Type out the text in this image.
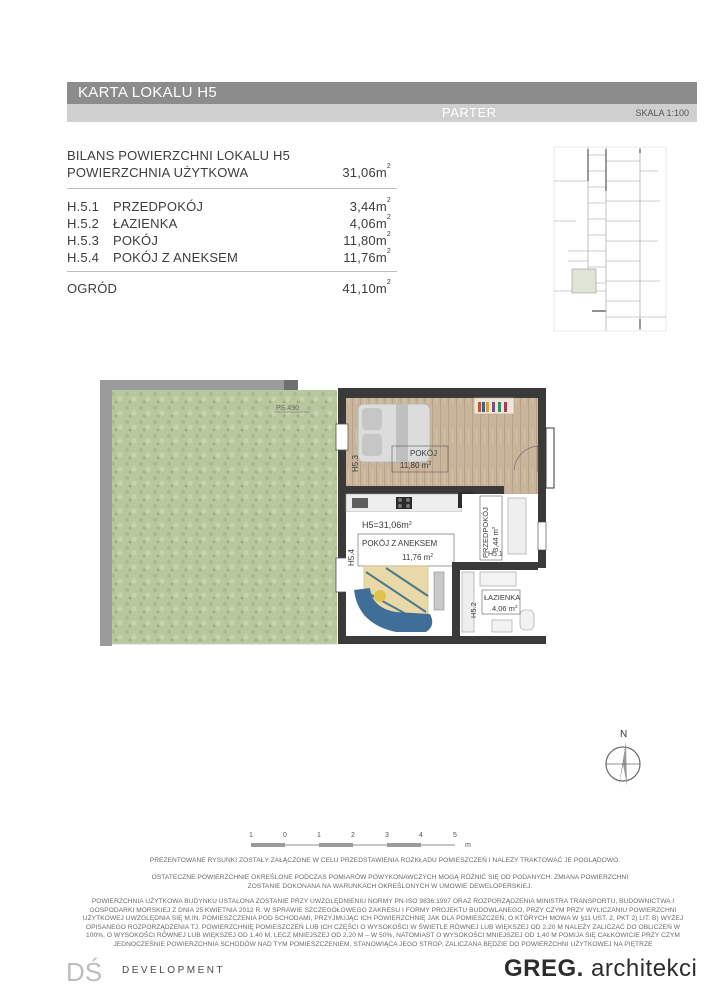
KARTA LOKALU H5
PARTER	SKALA 1:100
BILANS POWIERZCHNI LOKALU H5
POWIERZCHNIA UŻYTKOWA	$31,06m^2$
H.5.1 PRZEDPOKÓJ	$3,44m^2$
H.5.2 ŁAZIENKA	$4,06m^2$
H.5.3 POKÓJ	$11,80m^2$
H.5.4 POKÓJ Z ANEKSEM	$11,76m^2$
OGRÓD	$41,10m^2$
PS.490
POKÓJ
11,80 $m^2$
H5.3
$H5=31,06m^2$
POKÓJ Z ANEKSEM
11,76 $m^2$
H5.4	PRZEDPOKÓJ 3,44 $m^2$
H5.1
ŁAZIENKA
4,06 $m^2$
H5.2
N
1	0	1	2	3	4	5
m
PREZENTOWANE RYSUNKI ZOSTAŁY ZAŁĄCZONE W CELU PRZEDSTAWIENIA ROZKŁADU POMIESZCZEŃ I NALEŻY TRAKTOWAĆ JE POGLĄDOWO.
OSTATECZNE POWIERZCHNIE OKREŚLONE PODCZAS POMIARÓW POWYKONAWCZYCH MOGĄ RÓŻNIĆ SIĘ OD PODANYCH. ZMIANA POWIERZCHNI ZOSTANIE DOKONANA NA WARUNKACH OKREŚLONYCH W UMOWIE DEWELOPERSKIEJ.
POWIERZCHNIA UŻYTKOWA BUDYNKU USTALONA ZOSTANIE PRZY UWZGLĘDNIENIU NORMY PN-ISO 9836:1997 ORAZ ROZPORZĄDZENIA MINISTRA TRANSPORTU, BUDOWNICTWA I GOSPODARKI MORSKIEJ Z DNIA 25 KWIETNIA 2012 R. W SPRAWIE SZCZEGÓŁOWEGO ZAKRESU I FORMY PROJEKTU BUDOWLANEGO, PRZY CZYM PRZY WYLICZANIU POWIERZCHNI UŻYTKOWEJ UWZGLĘDNIA SIĘ M.IN. POMIESZCZENIA POD SCHODAMI, PRZYJMUJĄC ICH POWIERZCHNIĘ JAK DLA POMIESZCZEŃ, O KTÓRYCH MOWA W §11 UST. 2, PKT 2) LIT. B) WYŻEJ OPISANEGO ROZPORZĄDZENIA TJ. POWIERZCHNIĘ POMIESZCZEŃ LUB ICH CZĘŚCI O WYSOKOŚCI W ŚWIETLE RÓWNEJ LUB WIĘKSZEJ OD 2,20 M NALEŻY ZALICZAĆ DO OBLICZEŃ W 100%, O WYSOKOŚCI RÓWNEJ LUB WIĘKSZEJ OD 1,40 M, LECZ MNIEJSZEJ OD 2,20 M – W 50%, NATOMIAST O WYSOKOŚCI MNIEJSZEJ OD 1,40 M POMIJA SIĘ CAŁKOWICIE PRZY CZYM JEDNOCZEŚNIE POWIERZCHNIA SCHODÓW NAD TYM POMIESZCZENIEM, STANOWIĄCA JEGO STROP, ZALICZANA BĘDZIE DO POWIERZCHNI UŻYTKOWEJ NA PIĘTRZE
DŚ DEVELOPMENT	GREG. architekci
